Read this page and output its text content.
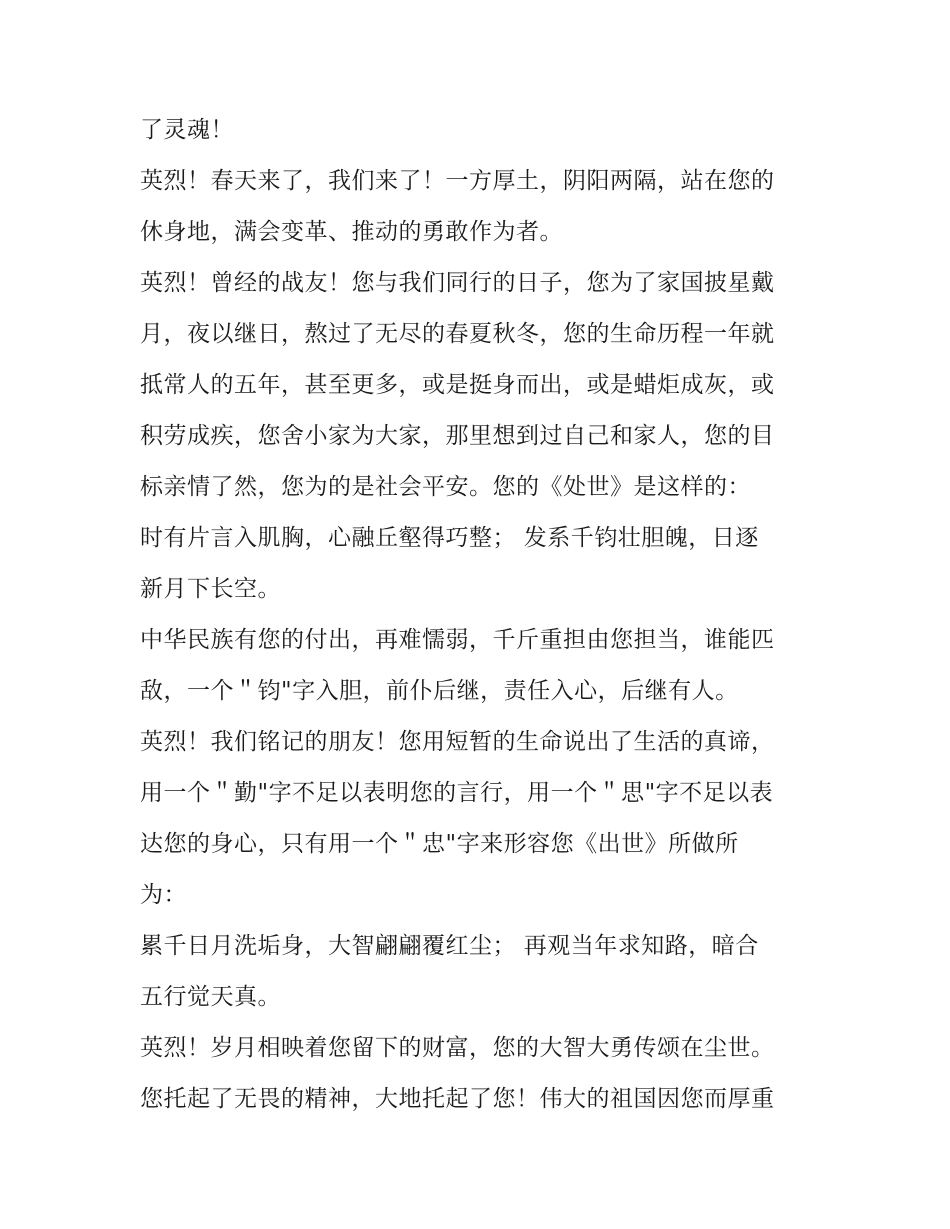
了灵魂！
英烈！春天来了，我们来了！一方厚土，阴阳两隔，站在您的
休身地，满会变革、推动的勇敢作为者。
英烈！曾经的战友！您与我们同行的日子，您为了家国披星戴
月，夜以继日，熬过了无尽的春夏秋冬，您的生命历程一年就
抵常人的五年，甚至更多，或是挺身而出，或是蜡炬成灰，或
积劳成疾，您舍小家为大家，那里想到过自己和家人，您的目
标亲情了然，您为的是社会平安。您的《处世》是这样的：
时有片言入肌胸，心融丘壑得巧整； 发系千钧壮胆魄，日逐
新月下长空。
中华民族有您的付出，再难懦弱，千斤重担由您担当，谁能匹
敌，一个＂钧"字入胆，前仆后继，责任入心，后继有人。
英烈！我们铭记的朋友！您用短暂的生命说出了生活的真谛，
用一个＂勤"字不足以表明您的言行，用一个＂思"字不足以表
达您的身心，只有用一个＂忠"字来形容您《出世》所做所
为：
累千日月洗垢身，大智翩翩覆红尘； 再观当年求知路，暗合
五行觉天真。
英烈！岁月相映着您留下的财富，您的大智大勇传颂在尘世。
您托起了无畏的精神，大地托起了您！伟大的祖国因您而厚重
